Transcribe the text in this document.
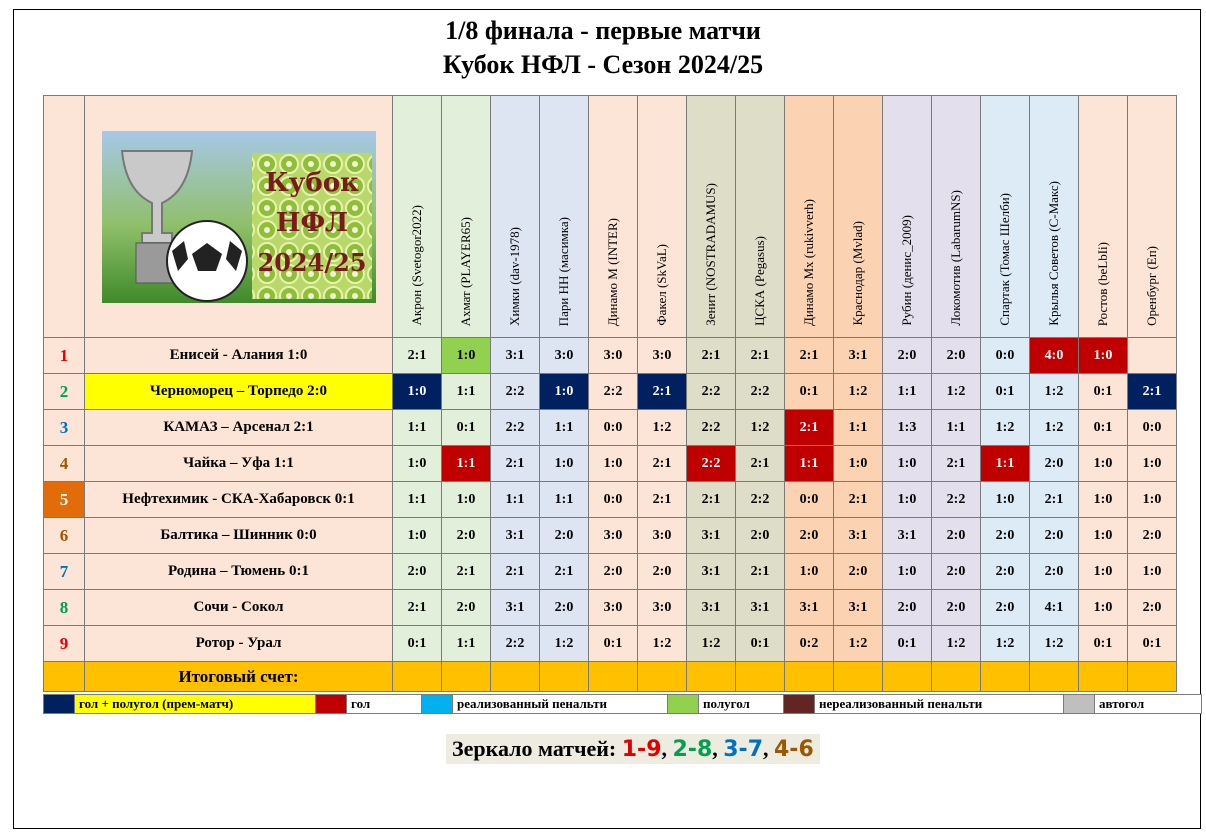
1/8 финала - первые матчи
Кубок НФЛ - Сезон 2024/25

Кубок
НФЛ
2024/25	Акрон (Svetogor2022)	Ахмат (PLAYER65)	Химки (dav-1978)	Пари НН (масимка)	Динамо М (INTER)	Факел (SkVaL)	Зенит (NOSTRADAMUS)	ЦСКА (Pegasus)	Динамо Мх (rukivverh)	Краснодар (Mvlad)	Рубин (денис_2009)	Локомотив (LabarumNS)	Спартак (Томас Шелби)	Крылья Советов (С-Макс)	Ростов (beLbIi)	Оренбург (Еп)
1	Енисей - Алания 1:0	2:1	1:0	3:1	3:0	3:0	3:0	2:1	2:1	2:1	3:1	2:0	2:0	0:0	4:0	1:0	
2	Черноморец – Торпедо 2:0	1:0	1:1	2:2	1:0	2:2	2:1	2:2	2:2	0:1	1:2	1:1	1:2	0:1	1:2	0:1	2:1
3	КАМАЗ – Арсенал 2:1	1:1	0:1	2:2	1:1	0:0	1:2	2:2	1:2	2:1	1:1	1:3	1:1	1:2	1:2	0:1	0:0
4	Чайка – Уфа 1:1	1:0	1:1	2:1	1:0	1:0	2:1	2:2	2:1	1:1	1:0	1:0	2:1	1:1	2:0	1:0	1:0
5	Нефтехимик - СКА-Хабаровск 0:1	1:1	1:0	1:1	1:1	0:0	2:1	2:1	2:2	0:0	2:1	1:0	2:2	1:0	2:1	1:0	1:0
6	Балтика – Шинник 0:0	1:0	2:0	3:1	2:0	3:0	3:0	3:1	2:0	2:0	3:1	3:1	2:0	2:0	2:0	1:0	2:0
7	Родина – Тюмень 0:1	2:0	2:1	2:1	2:1	2:0	2:0	3:1	2:1	1:0	2:0	1:0	2:0	2:0	2:0	1:0	1:0
8	Сочи - Сокол	2:1	2:0	3:1	2:0	3:0	3:0	3:1	3:1	3:1	3:1	2:0	2:0	2:0	4:1	1:0	2:0
9	Ротор - Урал	0:1	1:1	2:2	1:2	0:1	1:2	1:2	0:1	0:2	1:2	0:1	1:2	1:2	1:2	0:1	0:1
	Итоговый счет:																
	гол + полугол (прем-матч)		гол		реализованный пенальти		полугол		нереализованный пенальти		автогол
Зеркало матчей: 1-9, 2-8, 3-7, 4-6
